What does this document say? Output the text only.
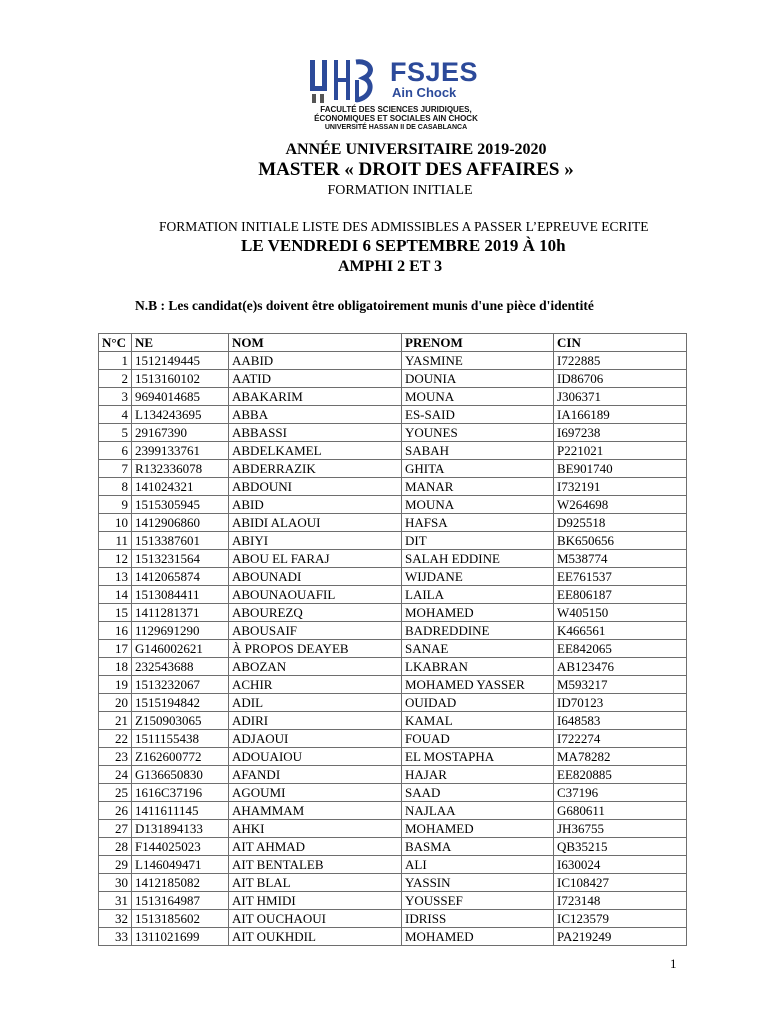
FSJES
Ain Chock
FACULTÉ DES SCIENCES JURIDIQUES,
ÉCONOMIQUES ET SOCIALES AIN CHOCK
UNIVERSITÉ HASSAN II DE CASABLANCA
ANNÉE UNIVERSITAIRE 2019-2020
MASTER « DROIT DES AFFAIRES »
FORMATION INITIALE
FORMATION INITIALE LISTE DES ADMISSIBLES A PASSER L’EPREUVE ECRITE
LE VENDREDI 6 SEPTEMBRE 2019 À 10h
AMPHI 2 ET 3
N.B : Les candidat(e)s doivent être obligatoirement munis d'une pièce d'identité
N°C	NE	NOM	PRENOM	CIN
1	1512149445	AABID	YASMINE	I722885
2	1513160102	AATID	DOUNIA	ID86706
3	9694014685	ABAKARIM	MOUNA	J306371
4	L134243695	ABBA	ES-SAID	IA166189
5	29167390	ABBASSI	YOUNES	I697238
6	2399133761	ABDELKAMEL	SABAH	P221021
7	R132336078	ABDERRAZIK	GHITA	BE901740
8	141024321	ABDOUNI	MANAR	I732191
9	1515305945	ABID	MOUNA	W264698
10	1412906860	ABIDI ALAOUI	HAFSA	D925518
11	1513387601	ABIYI	DIT	BK650656
12	1513231564	ABOU EL FARAJ	SALAH EDDINE	M538774
13	1412065874	ABOUNADI	WIJDANE	EE761537
14	1513084411	ABOUNAOUAFIL	LAILA	EE806187
15	1411281371	ABOUREZQ	MOHAMED	W405150
16	1129691290	ABOUSAIF	BADREDDINE	K466561
17	G146002621	À PROPOS DEAYEB	SANAE	EE842065
18	232543688	ABOZAN	LKABRAN	AB123476
19	1513232067	ACHIR	MOHAMED YASSER	M593217
20	1515194842	ADIL	OUIDAD	ID70123
21	Z150903065	ADIRI	KAMAL	I648583
22	1511155438	ADJAOUI	FOUAD	I722274
23	Z162600772	ADOUAIOU	EL MOSTAPHA	MA78282
24	G136650830	AFANDI	HAJAR	EE820885
25	1616C37196	AGOUMI	SAAD	C37196
26	1411611145	AHAMMAM	NAJLAA	G680611
27	D131894133	AHKI	MOHAMED	JH36755
28	F144025023	AIT AHMAD	BASMA	QB35215
29	L146049471	AIT BENTALEB	ALI	I630024
30	1412185082	AIT BLAL	YASSIN	IC108427
31	1513164987	AIT HMIDI	YOUSSEF	I723148
32	1513185602	AIT OUCHAOUI	IDRISS	IC123579
33	1311021699	AIT OUKHDIL	MOHAMED	PA219249
1
